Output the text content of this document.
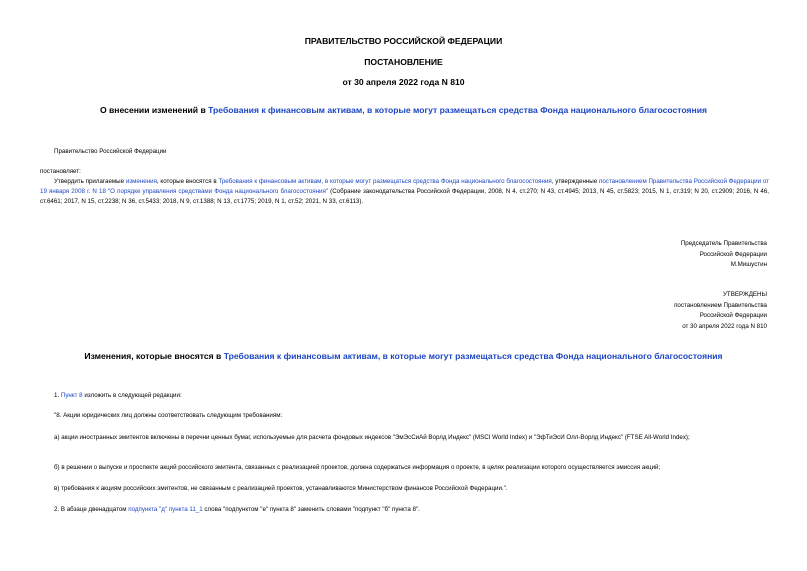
ПРАВИТЕЛЬСТВО РОССИЙСКОЙ ФЕДЕРАЦИИ
ПОСТАНОВЛЕНИЕ
от 30 апреля 2022 года N 810
О внесении изменений в Требования к финансовым активам, в которые могут размещаться средства Фонда национального благосостояния
Правительство Российской Федерации
постановляет:
Утвердить прилагаемые изменения, которые вносятся в Требования к финансовым активам, в которые могут размещаться средства Фонда национального благосостояния, утвержденные постановлением Правительства Российской Федерации от 19 января 2008 г. N 18 "О порядке управления средствами Фонда национального благосостояния" (Собрание законодательства Российской Федерации, 2008, N 4, ст.270; N 43, ст.4945; 2013, N 45, ст.5823; 2015, N 1, ст.319; N 20, ст.2909; 2016, N 46, ст.6461; 2017, N 15, ст.2238; N 36, ст.5433; 2018, N 9, ст.1388; N 13, ст.1775; 2019, N 1, ст.52; 2021, N 33, ст.6113).
Председатель Правительства
Российской Федерации
М.Мишустин
УТВЕРЖДЕНЫ
постановлением Правительства
Российской Федерации
от 30 апреля 2022 года N 810
Изменения, которые вносятся в Требования к финансовым активам, в которые могут размещаться средства Фонда национального благосостояния
1. Пункт 8 изложить в следующей редакции:
"8. Акции юридических лиц должны соответствовать следующим требованиям:
а) акции иностранных эмитентов включены в перечни ценных бумаг, используемые для расчета фондовых индексов "ЭмЭсСиАй Ворлд Индекс" (MSCI World Index) и "ЭфТиЭсИ Олл-Ворлд Индекс" (FTSE All-World Index);
б) в решении о выпуске и проспекте акций российского эмитента, связанных с реализацией проектов, должна содержаться информация о проекте, в целях реализации которого осуществляется эмиссия акций;
в) требования к акциям российских эмитентов, не связанным с реализацией проектов, устанавливаются Министерством финансов Российской Федерации.".
2. В абзаце двенадцатом подпункта "д" пункта 11_1 слова "подпунктом "е" пункта 8" заменить словами "подпункт "б" пункта 8".
